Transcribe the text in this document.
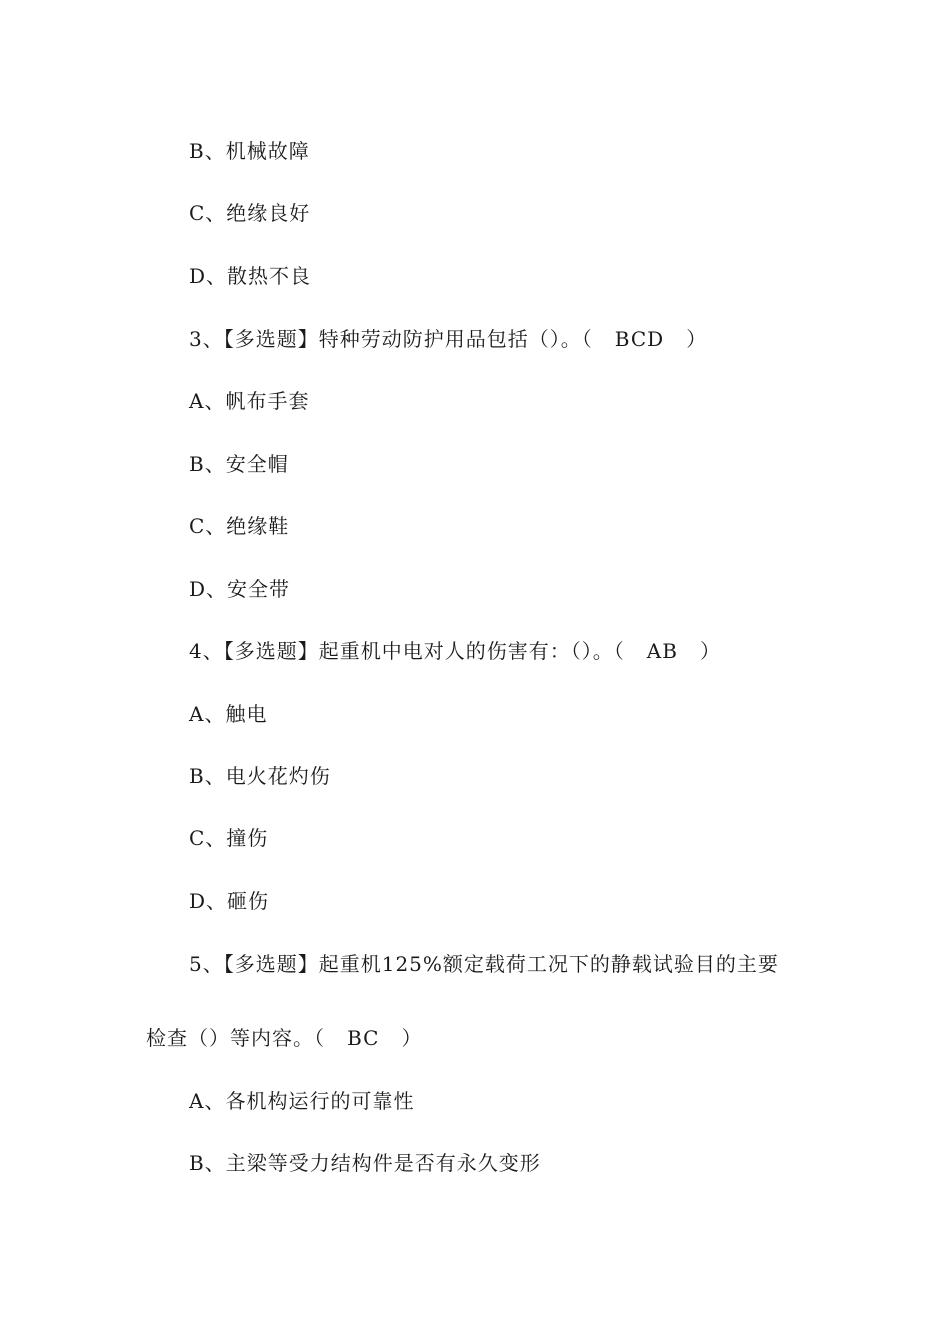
B、机械故障
C、绝缘良好
D、散热不良
3、【多选题】特种劳动防护用品包括（）。（   BCD   ）
A、帆布手套
B、安全帽
C、绝缘鞋
D、安全带
4、【多选题】起重机中电对人的伤害有：（）。（   AB   ）
A、触电
B、电火花灼伤
C、撞伤
D、砸伤
5、【多选题】起重机125%额定载荷工况下的静载试验目的主要
检查（）等内容。（   BC   ）
A、各机构运行的可靠性
B、主梁等受力结构件是否有永久变形
